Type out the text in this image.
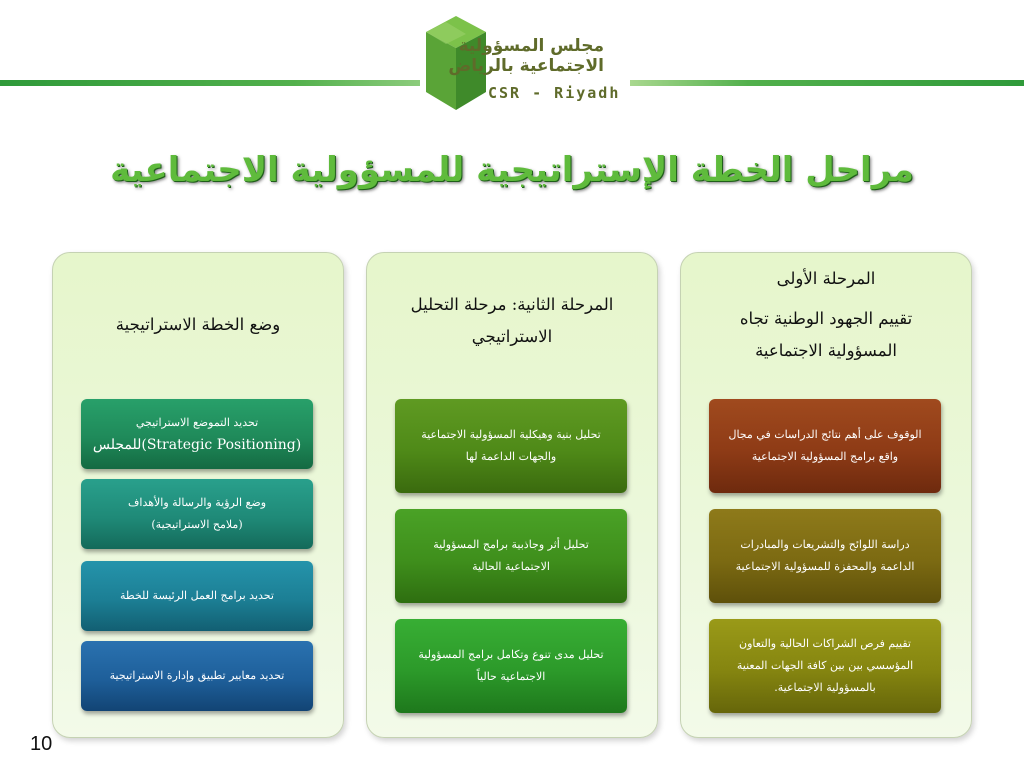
مجلس المسؤولية
الاجتماعية بالرياض
CSR - Riyadh
مراحل الخطة الإستراتيجية للمسؤولية الاجتماعية
المرحلة الأولى
تقييم الجهود الوطنية تجاه
المسؤولية الاجتماعية
الوقوف على أهم نتائج الدراسات في مجال
واقع برامج المسؤولية الاجتماعية
دراسة اللوائح والتشريعات والمبادرات
الداعمة والمحفزة للمسؤولية الاجتماعية
تقييم فرص الشراكات الحالية والتعاون
المؤسسي بين بين كافة الجهات المعنية
بالمسؤولية الاجتماعية.
المرحلة الثانية: مرحلة التحليل
الاستراتيجي
تحليل بنية وهيكلية المسؤولية الاجتماعية
والجهات الداعمة لها
تحليل أثر وجاذبية برامج المسؤولية
الاجتماعية الحالية
تحليل مدى تنوع وتكامل برامج المسؤولية
الاجتماعية حالياً
وضع الخطة الاستراتيجية
تحديد التموضع الاستراتيجي
(Strategic Positioning)للمجلس
وضع الرؤية والرسالة والأهداف
(ملامح الاستراتيجية)
تحديد برامج العمل الرئيسة للخطة
تحديد معايير تطبيق وإدارة الاستراتيجية
10
